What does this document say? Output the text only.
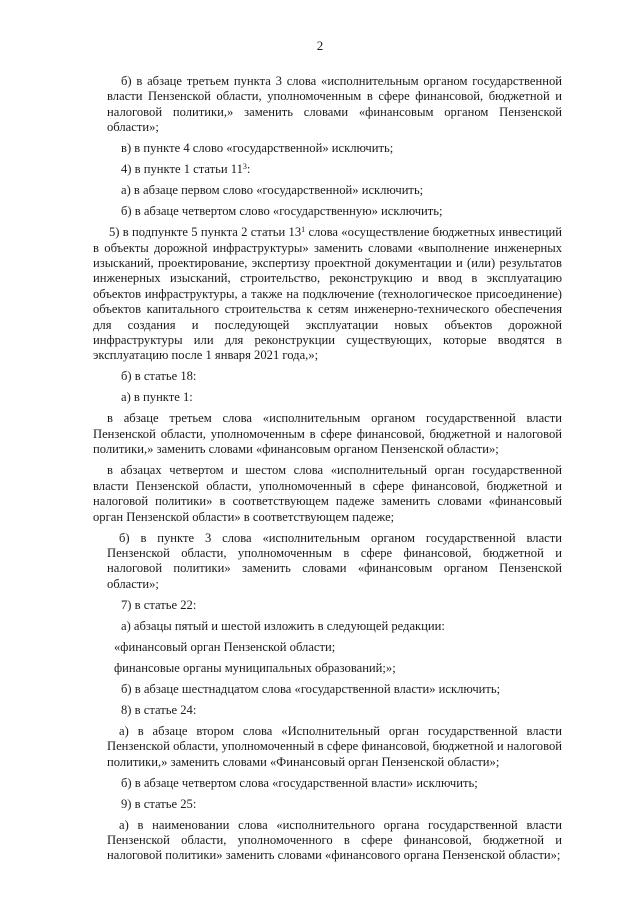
2

б) в абзаце третьем пункта 3 слова «исполнительным органом государственной власти Пензенской области, уполномоченным в сфере финансовой, бюджетной и налоговой политики,» заменить словами «финансовым органом Пензенской области»;

в) в пункте 4 слово «государственной» исключить;

4) в пункте 1 статьи $11^3$:

а) в абзаце первом слово «государственной» исключить;

б) в абзаце четвертом слово «государственную» исключить;

5) в подпункте 5 пункта 2 статьи $13^1$ слова «осуществление бюджетных инвестиций в объекты дорожной инфраструктуры» заменить словами «выполнение инженерных изысканий, проектирование, экспертизу проектной документации и (или) результатов инженерных изысканий, строительство, реконструкцию и ввод в эксплуатацию объектов инфраструктуры, а также на подключение (технологическое присоединение) объектов капитального строительства к сетям инженерно-технического обеспечения для создания и последующей эксплуатации новых объектов дорожной инфраструктуры или для реконструкции существующих, которые вводятся в эксплуатацию после 1 января 2021 года,»;

б) в статье 18:

а) в пункте 1:

в абзаце третьем слова «исполнительным органом государственной власти Пензенской области, уполномоченным в сфере финансовой, бюджетной и налоговой политики,» заменить словами «финансовым органом Пензенской области»;

в абзацах четвертом и шестом слова «исполнительный орган государственной власти Пензенской области, уполномоченный в сфере финансовой, бюджетной и налоговой политики» в соответствующем падеже заменить словами «финансовый орган Пензенской области» в соответствующем падеже;

б) в пункте 3 слова «исполнительным органом государственной власти Пензенской области, уполномоченным в сфере финансовой, бюджетной и налоговой политики» заменить словами «финансовым органом Пензенской области»;

7) в статье 22:

а) абзацы пятый и шестой изложить в следующей редакции:

«финансовый орган Пензенской области;

финансовые органы муниципальных образований;»;

б) в абзаце шестнадцатом слова «государственной власти» исключить;

8) в статье 24:

а) в абзаце втором слова «Исполнительный орган государственной власти Пензенской области, уполномоченный в сфере финансовой, бюджетной и налоговой политики,» заменить словами «Финансовый орган Пензенской области»;

б) в абзаце четвертом слова «государственной власти» исключить;

9) в статье 25:

а) в наименовании слова «исполнительного органа государственной власти Пензенской области, уполномоченного в сфере финансовой, бюджетной и налоговой политики» заменить словами «финансового органа Пензенской области»;
